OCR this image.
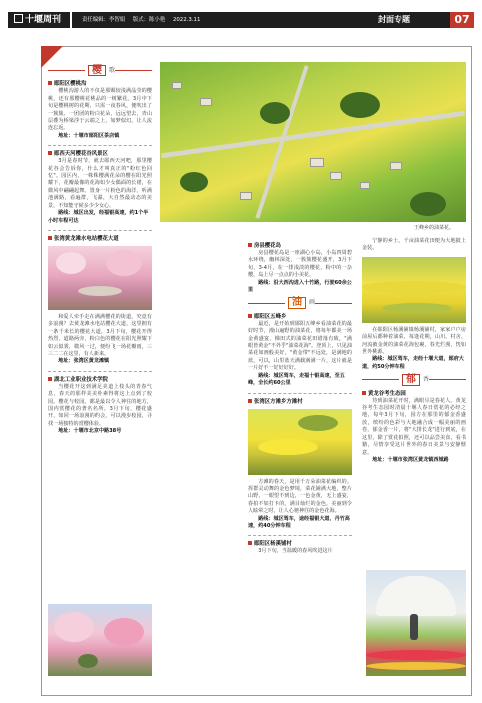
十堰周刊	责任编辑：李智娟 版式：陈小艳 2022.3.11	封面专题	07
樱	歌
郧阳区樱桃沟

樱桃沟游人的不仅是那赐较浅满晶莹的樱桃，还有那樱桃花桃品的一树繁花。3月中下旬是樱桃树的花期，只需一夜春风，便吹出了一簇簇、一团团的粉白花朵，远远望去，青山层叠为桥梁浮于云端之上，如梦似幻，让人流连忘返。

地址：十堰市郧阳区茶店镇
郧西天河樱花谷风景区

3月是春时节，就去郧西天河吧，那里樱花谷会告诉你，什么才叫真正的"粉红色回忆"。园区内，一株株樱满花朵的樱在阳光照耀下，花瓣最像的花海如少女偶面的长裙，在微风中翩翩起舞。置身一片粉色的海洋，听满池满路，看遍群，飞瀑，大自然最动态的美景，不知能守候多少少女心。

路线：城区出发，经福银高速，约1个半小时车程可达
张湾黄龙滩水电站樱花大道

和爱人牵手走在满满樱花的街道，究竟有多浪漫？去黄龙滩水电站樱花大道，这里拥有一条千米长的樱花大道，3月下旬，樱花开得热烈，道路两旁，粉白色的樱花在阳光照耀下如云似雾，微风一过，便纷飞一场花瓣雨，三三二二在这里，有人新来。

地址：张湾区黄龙滩镇
湖北工业职业技术学院

当樱花开这到满足美道上枝头的青春气息，春天的那样美美朴素得将这上点到了校园。樱花与校园，都是最以令人神往的地方，国内赏樱花的著名名所，3月下旬，樱花盛开，如同一场浪漫的约会，可以漫步校园，寻找一场独特的赏樱体验。

地址：十堰市北京中路38号
王峰乡的油菜花。
房县樱花岛

房县樱花岛是一座湖心小岛，小岛四周碧水环绕，幽林深处，一簇簇樱花盛开，3月下旬，3-4月，在一排浅淡的樱花，粉中的一杂樱，岛上尽一点点的小美花。

路线：沿大西沟进入十竹路，行驶60余公里
油	画
郧阳区五峰乡

最近，是开始到郧阳五峰乡看油菜花的最好时节，漫山遍野的油菜花，将每年都美一场金黄盛宴，梯田式的油菜花田错落有致，"满眼皆黄金"不外乎"油菜花海"。登顶上，只见油菜花如画般美好，"黄金带"不远处，是满地的蓝，可以，山里蓝天满载满满一片，这片就是一片好不一好好好好。

路线：城区驾车，走福十银高速，至五峰，全长约60公里
张湾区方滩乡方滩村

方滩的春天，是用千万朵油菜花编织的。挥群灵动舞的金色梦境，菜花铺满大地，整片山野，一眼望不到边，一色金黄，无上盛宴，春拍不如打卡的，满目灿烂的金色，美丽到令人眩晕之时，让人心驰神往的金色花海。

路线：城区驾车，途经福银大道、丹竹高速，约40分钟车程
郧阳区杨溪铺村

3月下旬，当温暖的春风吹进这片

宁静的乡土，千亩油菜花田便为大地披上金装。

在郧阳区杨溪铺镇杨溪铺村，家家户户房前屋后都种着油菜，每逢花期，山川、村舍、河流被金黄的油菜花海包裹，春光烂漫，恍如世外桃源。

路线：城区驾车，走经十堰大道，郧府大道，约50分钟车程
郁	香
黄龙谷考生态园

待到油菜花开时，满眼尽是春花人。黄龙谷考生态园时清晨十堰人春日赏花的必经之地，每年3月下旬，园方在那里的郁金香盛放，缤纷的色彩与大地融合成一幅美丽的画卷，郁金香一片，将"大排长龙"进行到底，在这里，除了赏花拍照，还可以品尝美食，看书籍，尽情享受这片世外的春日美景与安静惬意。

地址：十堰市张湾区黄龙镇西城路
